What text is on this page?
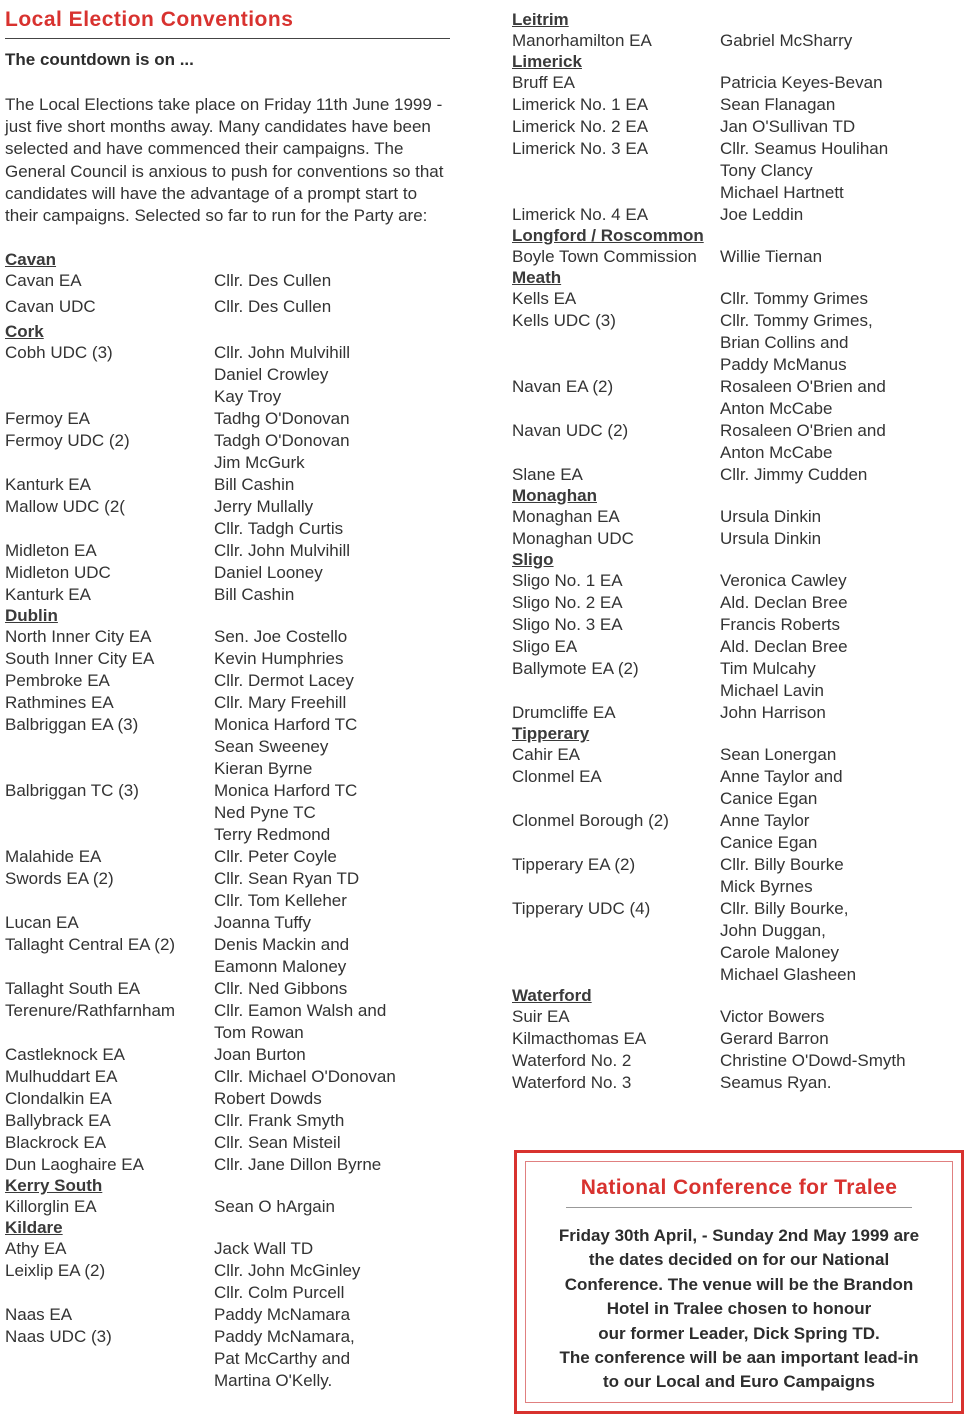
Local Election Conventions
The countdown is on ...
The Local Elections take place on Friday 11th June 1999 - just five short months away. Many candidates have been selected and have commenced their campaigns. The General Council is anxious to push for conventions so that candidates will have the advantage of a prompt start to their campaigns. Selected so far to run for the Party are:
Cavan
Cavan EA	Cllr. Des Cullen
Cavan UDC	Cllr. Des Cullen
Cork
Cobh UDC (3)	Cllr. John Mulvihill
Daniel Crowley
Kay Troy
Fermoy EA	Tadhg O'Donovan
Fermoy UDC (2)	Tadgh O'Donovan
Jim McGurk
Kanturk EA	Bill Cashin
Mallow UDC (2(	Jerry Mullally
Cllr. Tadgh Curtis
Midleton EA	Cllr. John Mulvihill
Midleton UDC	Daniel Looney
Kanturk EA	Bill Cashin
Dublin
North Inner City EA	Sen. Joe Costello
South Inner City EA	Kevin Humphries
Pembroke EA	Cllr. Dermot Lacey
Rathmines EA	Cllr. Mary Freehill
Balbriggan EA (3)	Monica Harford TC
Sean Sweeney
Kieran Byrne
Balbriggan TC (3)	Monica Harford TC
Ned Pyne TC
Terry Redmond
Malahide EA	Cllr. Peter Coyle
Swords EA (2)	Cllr. Sean Ryan TD
Cllr. Tom Kelleher
Lucan EA	Joanna Tuffy
Tallaght Central EA (2)	Denis Mackin and
Eamonn Maloney
Tallaght South EA	Cllr. Ned Gibbons
Terenure/Rathfarnham	Cllr. Eamon Walsh and
Tom Rowan
Castleknock EA	Joan Burton
Mulhuddart EA	Cllr. Michael O'Donovan
Clondalkin EA	Robert Dowds
Ballybrack EA	Cllr. Frank Smyth
Blackrock EA	Cllr. Sean Misteil
Dun Laoghaire EA	Cllr. Jane Dillon Byrne
Kerry South
Killorglin EA	Sean O hArgain
Kildare
Athy EA	Jack Wall TD
Leixlip EA (2)	Cllr. John McGinley
Cllr. Colm Purcell
Naas EA	Paddy McNamara
Naas UDC (3)	Paddy McNamara,
Pat McCarthy and
Martina O'Kelly.
Leitrim
Manorhamilton EA	Gabriel McSharry
Limerick
Bruff EA	Patricia Keyes-Bevan
Limerick No. 1 EA	Sean Flanagan
Limerick No. 2 EA	Jan O'Sullivan TD
Limerick No. 3 EA	Cllr. Seamus Houlihan
Tony Clancy
Michael Hartnett
Limerick No. 4 EA	Joe Leddin
Longford / Roscommon
Boyle Town Commission	Willie Tiernan
Meath
Kells EA	Cllr. Tommy Grimes
Kells UDC (3)	Cllr. Tommy Grimes,
Brian Collins and
Paddy McManus
Navan EA (2)	Rosaleen O'Brien and
Anton McCabe
Navan UDC (2)	Rosaleen O'Brien and
Anton McCabe
Slane EA	Cllr. Jimmy Cudden
Monaghan
Monaghan EA	Ursula Dinkin
Monaghan UDC	Ursula Dinkin
Sligo
Sligo No. 1 EA	Veronica Cawley
Sligo No. 2 EA	Ald. Declan Bree
Sligo No. 3 EA	Francis Roberts
Sligo EA	Ald. Declan Bree
Ballymote EA (2)	Tim Mulcahy
Michael Lavin
Drumcliffe EA	John Harrison
Tipperary
Cahir EA	Sean Lonergan
Clonmel EA	Anne Taylor and
Canice Egan
Clonmel Borough (2)	Anne Taylor
Canice Egan
Tipperary EA (2)	Cllr. Billy Bourke
Mick Byrnes
Tipperary UDC (4)	Cllr. Billy Bourke,
John Duggan,
Carole Maloney
Michael Glasheen
Waterford
Suir EA	Victor Bowers
Kilmacthomas EA	Gerard Barron
Waterford No. 2	Christine O'Dowd-Smyth
Waterford No. 3	Seamus Ryan.
National Conference for Tralee
Friday 30th April, - Sunday 2nd May 1999 are
the dates decided on for our National
Conference. The venue will be the Brandon
Hotel in Tralee chosen to honour
our former Leader, Dick Spring TD.
The conference will be aan important lead-in
to our Local and Euro Campaigns
